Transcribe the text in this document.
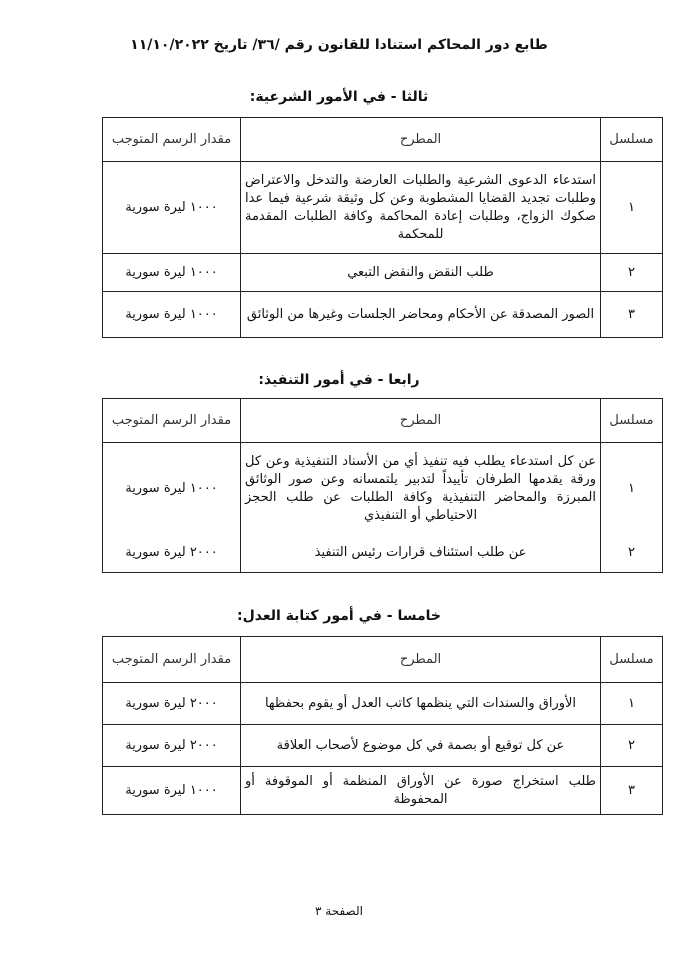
طابع دور المحاكم استنادا للقانون رقم /٣٦/ تاريخ ١١/١٠/٢٠٢٢
ثالثا - في الأمور الشرعية:
مسلسل	المطرح	مقدار الرسم المتوجب
١	استدعاء الدعوى الشرعية والطلبات العارضة والتدخل والاعتراض وطلبات تجديد القضايا المشطوبة وعن كل وثيقة شرعية فيما عدا صكوك الزواج، وطلبات إعادة المحاكمة وكافة الطلبات المقدمة للمحكمة	١٠٠٠ ليرة سورية
٢	طلب النقض والنقض التبعي	١٠٠٠ ليرة سورية
٣	الصور المصدقة عن الأحكام ومحاضر الجلسات وغيرها من الوثائق	١٠٠٠ ليرة سورية
رابعا - في أمور التنفيذ:
مسلسل	المطرح	مقدار الرسم المتوجب
١	عن كل استدعاء يطلب فيه تنفيذ أي من الأسناد التنفيذية وعن كل ورقة يقدمها الطرفان تأييداً لتدبير يلتمسانه وعن صور الوثائق المبرزة والمحاضر التنفيذية وكافة الطلبات عن طلب الحجز الاحتياطي أو التنفيذي	١٠٠٠ ليرة سورية
٢	عن طلب استئناف قرارات رئيس التنفيذ	٢٠٠٠ ليرة سورية
خامسا - في أمور كتابة العدل:
مسلسل	المطرح	مقدار الرسم المتوجب
١	الأوراق والسندات التي ينظمها كاتب العدل أو يقوم بحفظها	٢٠٠٠ ليرة سورية
٢	عن كل توقيع أو بصمة في كل موضوع لأصحاب العلاقة	٢٠٠٠ ليرة سورية
٣	طلب استخراج صورة عن الأوراق المنظمة أو الموقوفة أو المحفوظة	١٠٠٠ ليرة سورية
الصفحة ٣
